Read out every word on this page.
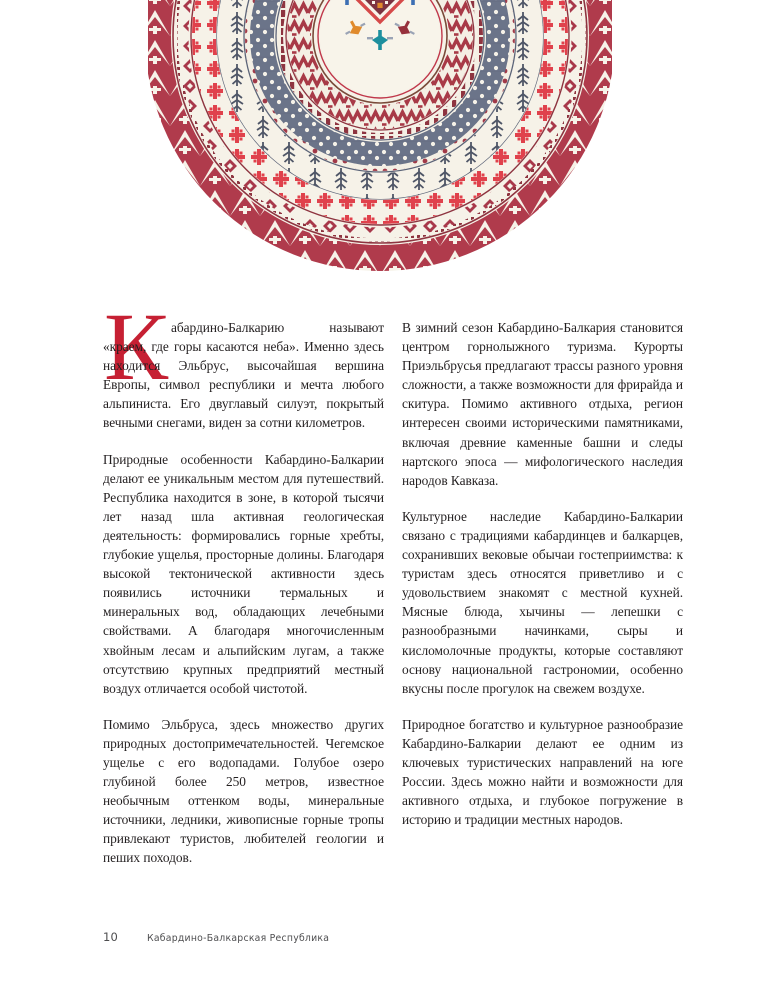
К абардино-Балкарию называют «краем, где горы касаются неба». Именно здесь находится Эльбрус, высочайшая вершина Европы, символ республики и мечта любого альпиниста. Его двуглавый силуэт, покрытый вечными снегами, виден за сотни километров.

Природные особенности Кабардино-Балкарии делают ее уникальным местом для путешествий. Республика находится в зоне, в которой тысячи лет назад шла активная геологическая деятельность: формировались горные хребты, глубокие ущелья, просторные долины. Благодаря высокой тектонической активности здесь появились источники термальных и минеральных вод, обладающих лечебными свойствами. А благодаря многочисленным хвойным лесам и альпийским лугам, а также отсутствию крупных предприятий местный воздух отличается особой чистотой.

Помимо Эльбруса, здесь множество других природных достопримечательностей. Чегемское ущелье с его водопадами. Голубое озеро глубиной более 250 метров, известное необычным оттенком воды, минеральные источники, ледники, живописные горные тропы привлекают туристов, любителей геологии и пеших походов.

В зимний сезон Кабардино-Балкария становится центром горнолыжного туризма. Курорты Приэльбрусья предлагают трассы разного уровня сложности, а также возможности для фрирайда и скитура. Помимо активного отдыха, регион интересен своими историческими памятниками, включая древние каменные башни и следы нартского эпоса — мифологического наследия народов Кавказа.

Культурное наследие Кабардино-Балкарии связано с традициями кабардинцев и балкарцев, сохранивших вековые обычаи гостеприимства: к туристам здесь относятся приветливо и с удовольствием знакомят с местной кухней. Мясные блюда, хычины — лепешки с разнообразными начинками, сыры и кисломолочные продукты, которые составляют основу национальной гастрономии, особенно вкусны после прогулок на свежем воздухе.

Природное богатство и культурное разнообразие Кабардино-Балкарии делают ее одним из ключевых туристических направлений на юге России. Здесь можно найти и возможности для активного отдыха, и глубокое погружение в историю и традиции местных народов.

10	Кабардино-Балкарская Республика
